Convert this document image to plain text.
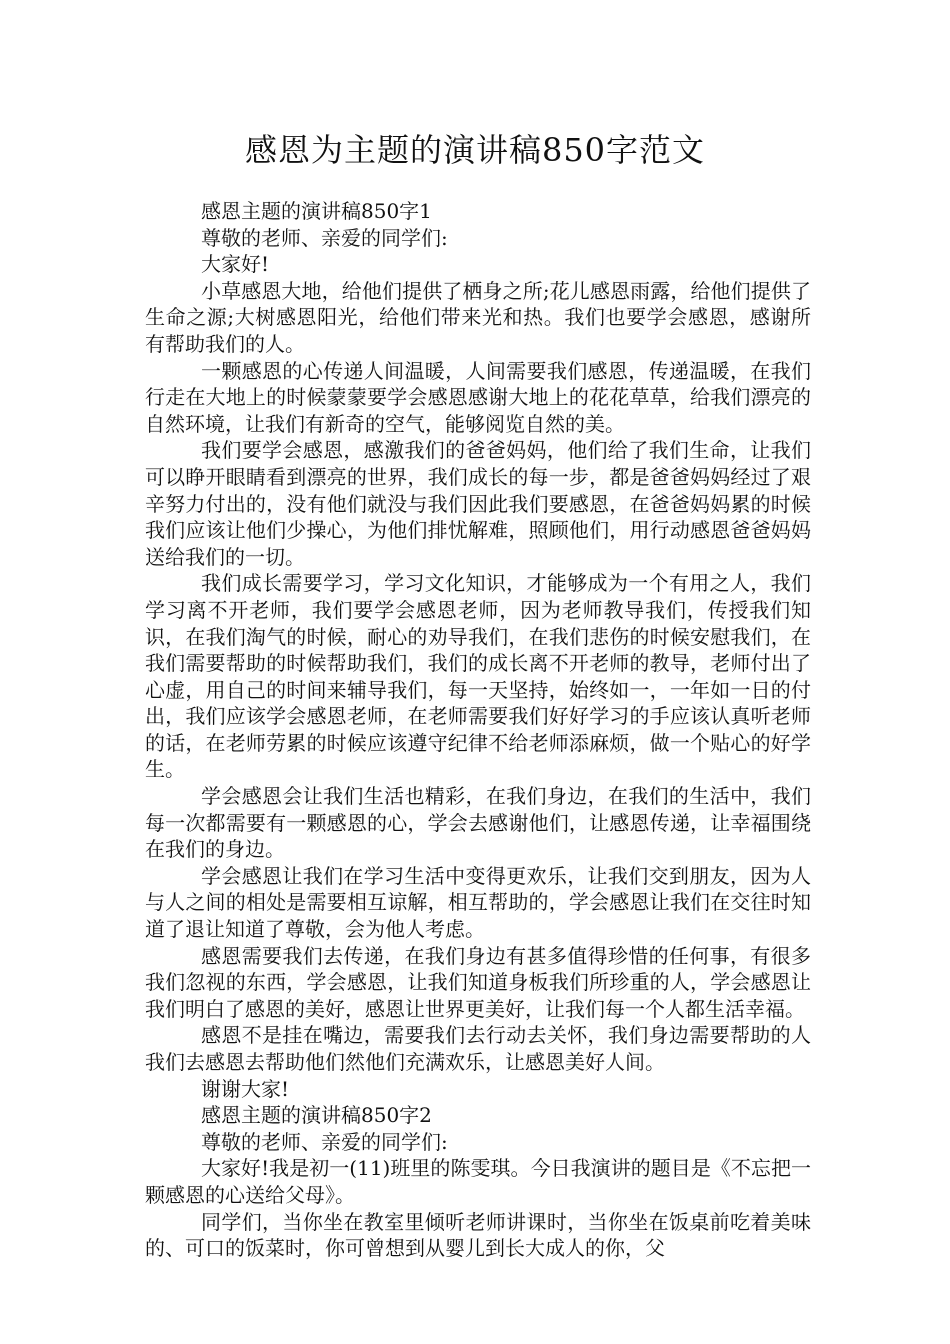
感恩为主题的演讲稿850字范文

感恩主题的演讲稿850字1

尊敬的老师、亲爱的同学们:

大家好!

小草感恩大地，给他们提供了栖身之所;花儿感恩雨露，给他们提供了生命之源;大树感恩阳光，给他们带来光和热。我们也要学会感恩，感谢所有帮助我们的人。

一颗感恩的心传递人间温暖，人间需要我们感恩，传递温暖，在我们行走在大地上的时候蒙蒙要学会感恩感谢大地上的花花草草，给我们漂亮的自然环境，让我们有新奇的空气，能够阅览自然的美。

我们要学会感恩，感激我们的爸爸妈妈，他们给了我们生命，让我们可以睁开眼睛看到漂亮的世界，我们成长的每一步，都是爸爸妈妈经过了艰辛努力付出的，没有他们就没与我们因此我们要感恩，在爸爸妈妈累的时候我们应该让他们少操心，为他们排忧解难，照顾他们，用行动感恩爸爸妈妈送给我们的一切。

我们成长需要学习，学习文化知识，才能够成为一个有用之人，我们学习离不开老师，我们要学会感恩老师，因为老师教导我们，传授我们知识，在我们淘气的时候，耐心的劝导我们，在我们悲伤的时候安慰我们，在我们需要帮助的时候帮助我们，我们的成长离不开老师的教导，老师付出了心虚，用自己的时间来辅导我们，每一天坚持，始终如一，一年如一日的付出，我们应该学会感恩老师，在老师需要我们好好学习的手应该认真听老师的话，在老师劳累的时候应该遵守纪律不给老师添麻烦，做一个贴心的好学生。

学会感恩会让我们生活也精彩，在我们身边，在我们的生活中，我们每一次都需要有一颗感恩的心，学会去感谢他们，让感恩传递，让幸福围绕在我们的身边。

学会感恩让我们在学习生活中变得更欢乐，让我们交到朋友，因为人与人之间的相处是需要相互谅解，相互帮助的，学会感恩让我们在交往时知道了退让知道了尊敬，会为他人考虑。

感恩需要我们去传递，在我们身边有甚多值得珍惜的任何事，有很多我们忽视的东西，学会感恩，让我们知道身板我们所珍重的人，学会感恩让我们明白了感恩的美好，感恩让世界更美好，让我们每一个人都生活幸福。

感恩不是挂在嘴边，需要我们去行动去关怀，我们身边需要帮助的人我们去感恩去帮助他们然他们充满欢乐，让感恩美好人间。

谢谢大家!

感恩主题的演讲稿850字2

尊敬的老师、亲爱的同学们:

大家好!我是初一(11)班里的陈雯琪。今日我演讲的题目是《不忘把一颗感恩的心送给父母》。

同学们，当你坐在教室里倾听老师讲课时，当你坐在饭桌前吃着美味的、可口的饭菜时，你可曾想到从婴儿到长大成人的你，父
